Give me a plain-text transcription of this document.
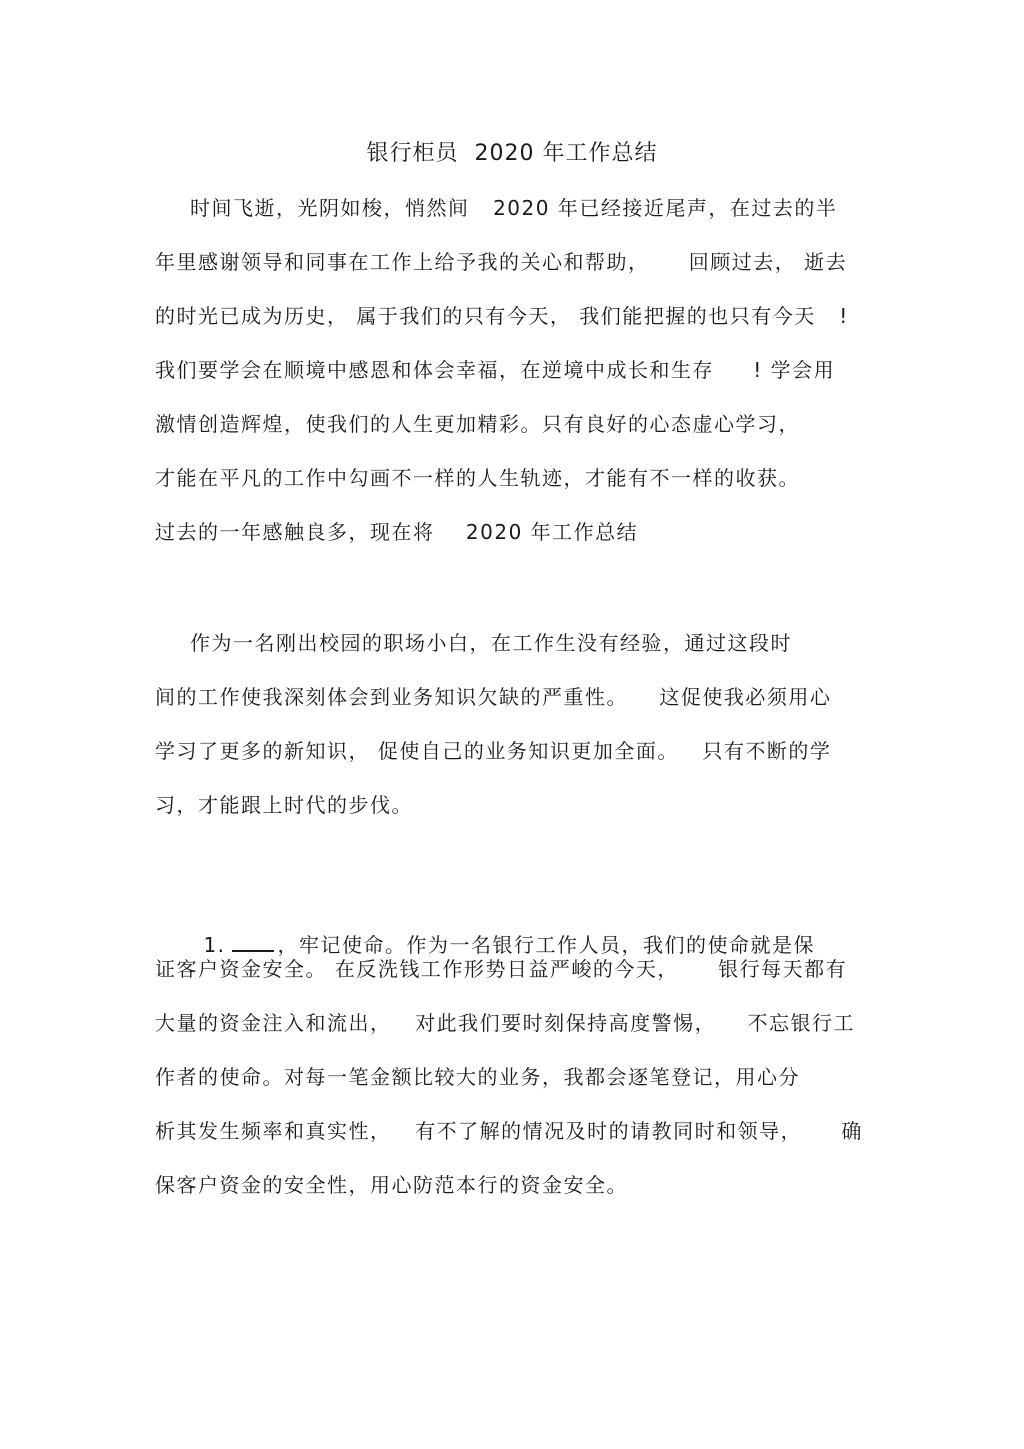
银行柜员  2020 年工作总结
时间飞逝，光阴如梭，悄然间   2020 年已经接近尾声，在过去的半
年里感谢领导和同事在工作上给予我的关心和帮助，     回顾过去， 逝去
的时光已成为历史， 属于我们的只有今天， 我们能把握的也只有今天   !
我们要学会在顺境中感恩和体会幸福，在逆境中成长和生存     ! 学会用
激情创造辉煌，使我们的人生更加精彩。只有良好的心态虚心学习，
才能在平凡的工作中勾画不一样的人生轨迹，才能有不一样的收获。
过去的一年感触良多，现在将    2020 年工作总结
作为一名刚出校园的职场小白，在工作生没有经验，通过这段时
间的工作使我深刻体会到业务知识欠缺的严重性。    这促使我必须用心
学习了更多的新知识， 促使自己的业务知识更加全面。   只有不断的学
习，才能跟上时代的步伐。

1.	，牢记使命。作为一名银行工作人员，我们的使命就是保

证客户资金安全。 在反洗钱工作形势日益严峻的今天，     银行每天都有
大量的资金注入和流出，   对此我们要时刻保持高度警惕，    不忘银行工
作者的使命。对每一笔金额比较大的业务，我都会逐笔登记，用心分
析其发生频率和真实性，   有不了解的情况及时的请教同时和领导，     确
保客户资金的安全性，用心防范本行的资金安全。
